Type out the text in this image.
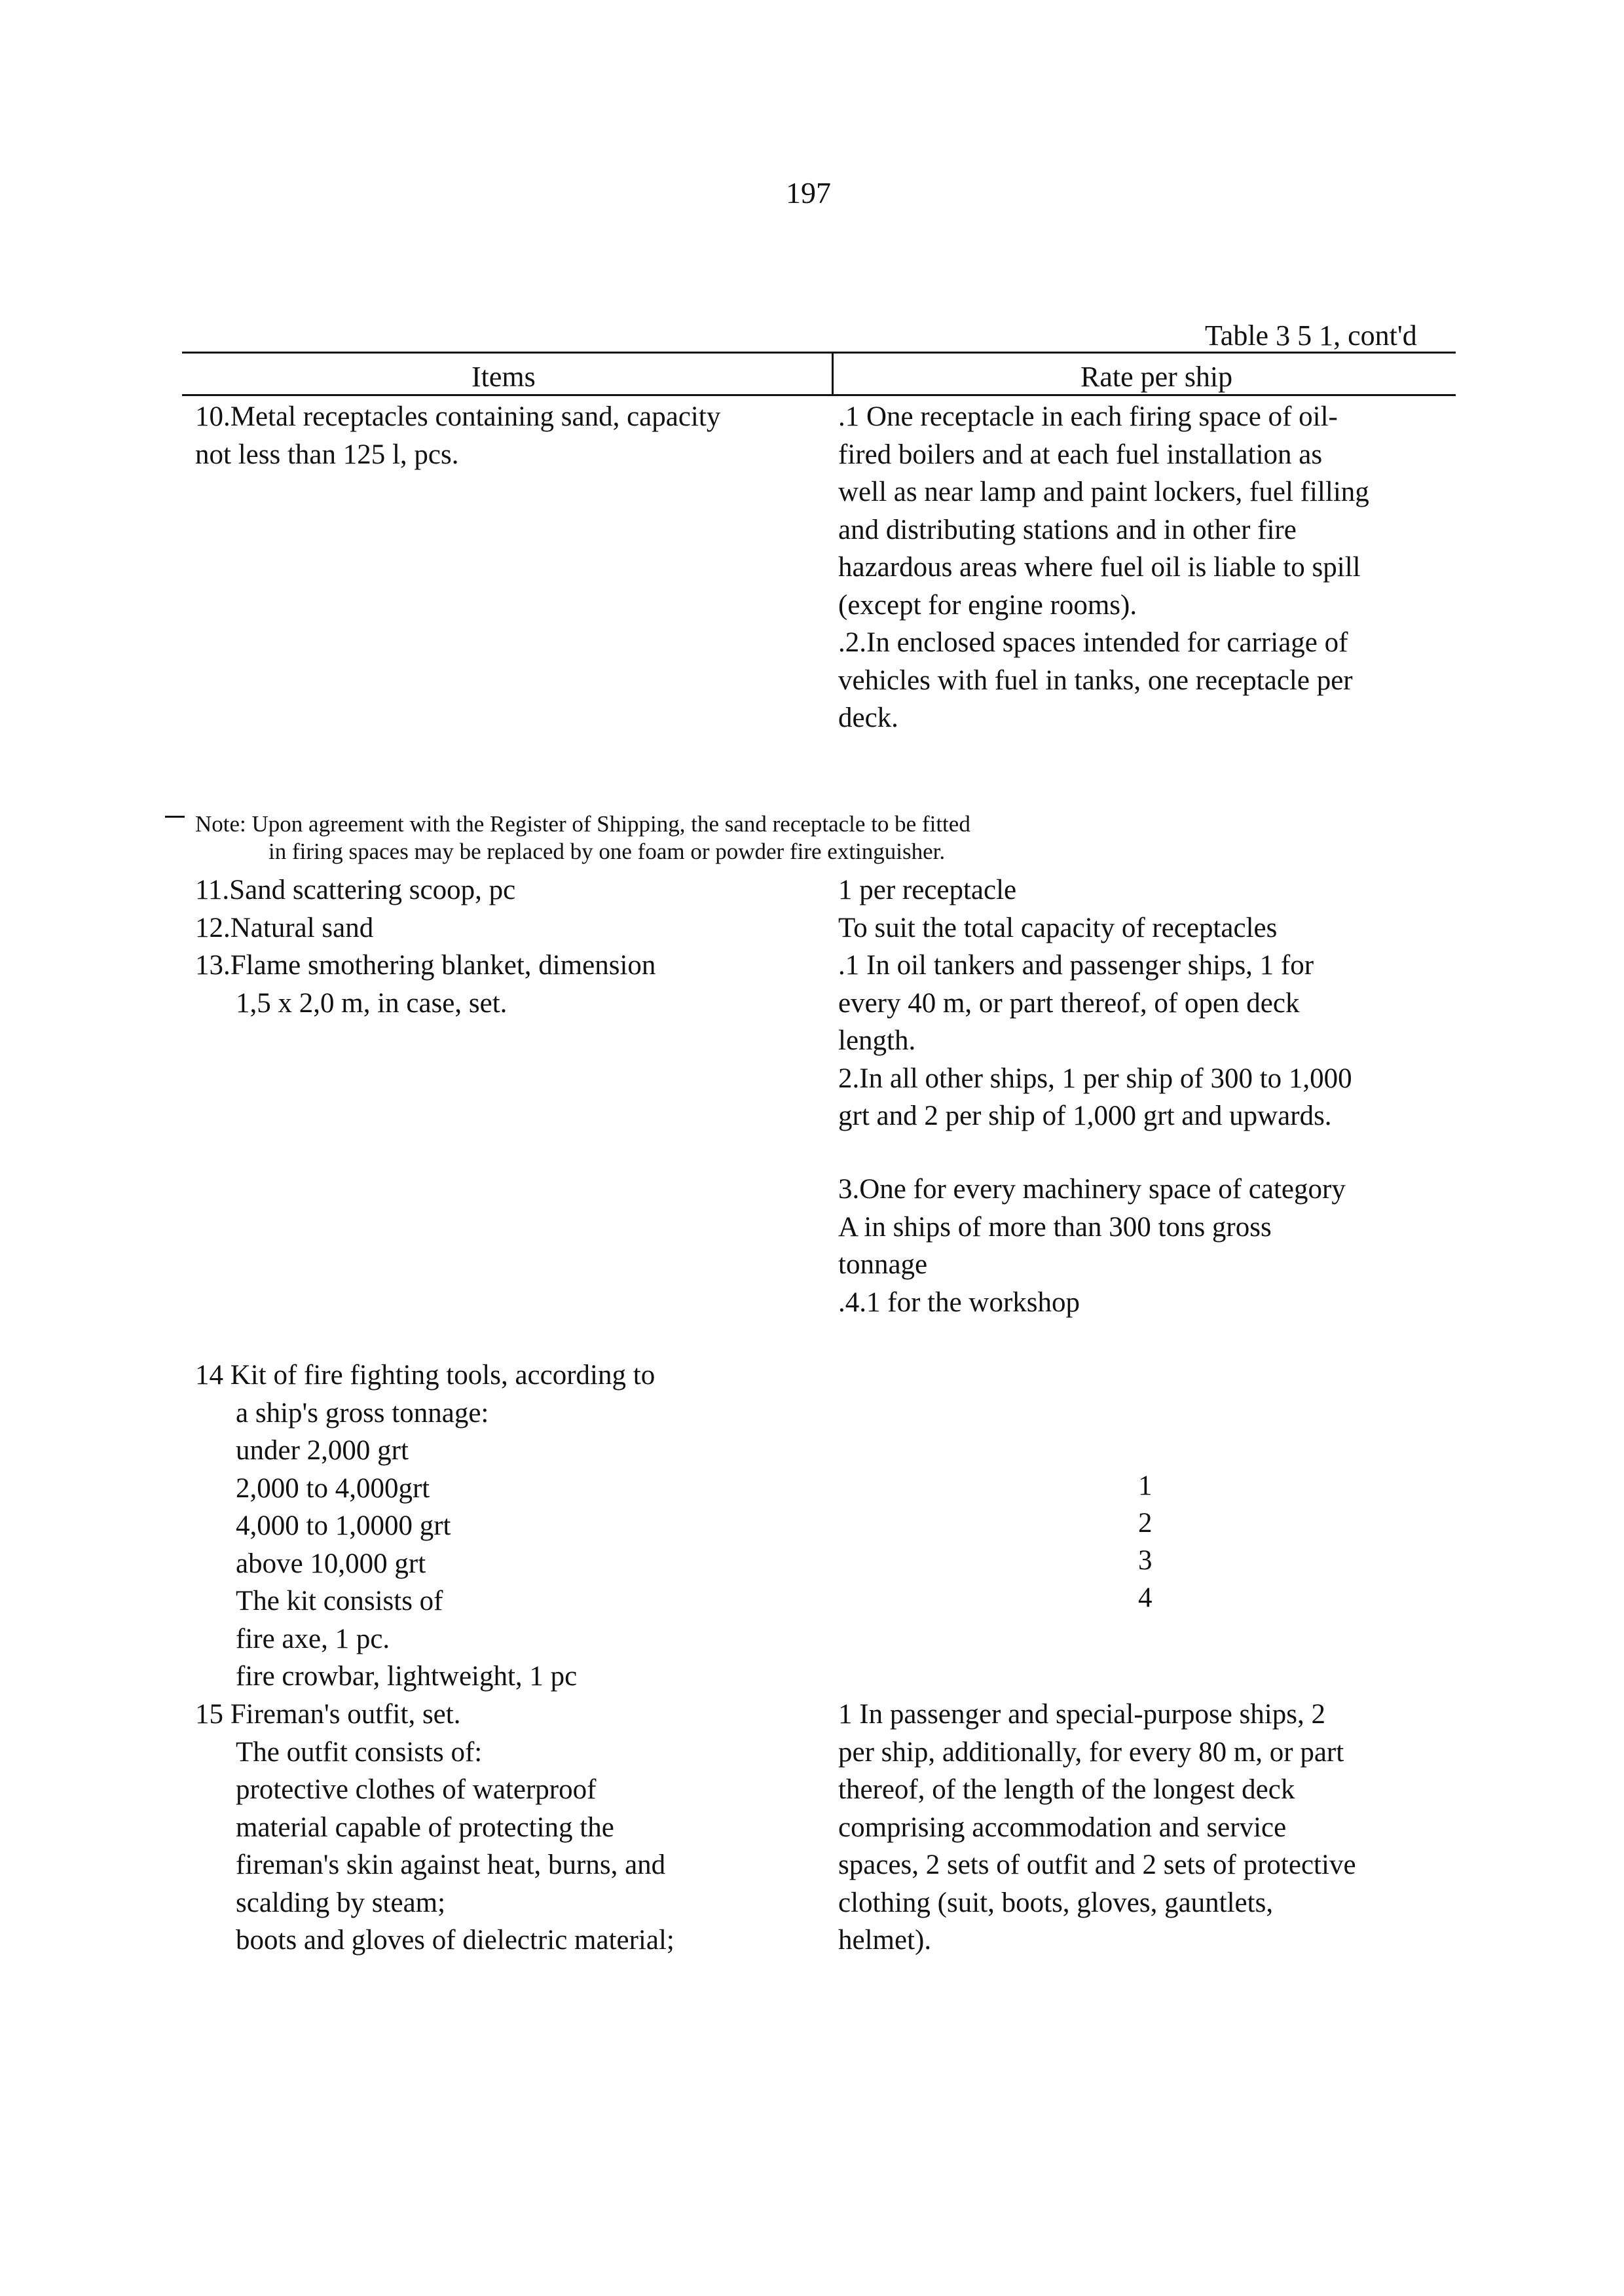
197
Table 3 5 1, cont'd
Items	Rate per ship
10.Metal receptacles containing sand, capacity
not less than 125 l, pcs.
.1 One receptacle in each firing space of oil-
fired boilers and at each fuel installation as
well as near lamp and paint lockers, fuel filling
and distributing stations and in other fire
hazardous areas where fuel oil is liable to spill
(except for engine rooms).
.2.In enclosed spaces intended for carriage of
vehicles with fuel in tanks, one receptacle per
deck.
Note: Upon agreement with the Register of Shipping, the sand receptacle to be fitted
in firing spaces may be replaced by one foam or powder fire extinguisher.
11.Sand scattering scoop, pc
12.Natural sand
13.Flame smothering blanket, dimension
1,5 x 2,0 m, in case, set.
1 per receptacle
To suit the total capacity of receptacles
.1 In oil tankers and passenger ships, 1 for
every 40 m, or part thereof, of open deck
length.
2.In all other ships, 1 per ship of 300 to 1,000
grt and 2 per ship of 1,000 grt and upwards.
3.One for every machinery space of category
A in ships of more than 300 tons gross
tonnage
.4.1 for the workshop
14 Kit of fire fighting tools, according to
a ship's gross tonnage:
under 2,000 grt
2,000 to 4,000grt
4,000 to 1,0000 grt
above 10,000 grt
The kit consists of
fire axe, 1 pc.
fire crowbar, lightweight, 1 pc
1
2
3
4
15 Fireman's outfit, set.
The outfit consists of:
protective clothes of waterproof
material capable of protecting the
fireman's skin against heat, burns, and
scalding by steam;
boots and gloves of dielectric material;
1 In passenger and special-purpose ships, 2
per ship, additionally, for every 80 m, or part
thereof, of the length of the longest deck
comprising accommodation and service
spaces, 2 sets of outfit and 2 sets of protective
clothing (suit, boots, gloves, gauntlets,
helmet).
